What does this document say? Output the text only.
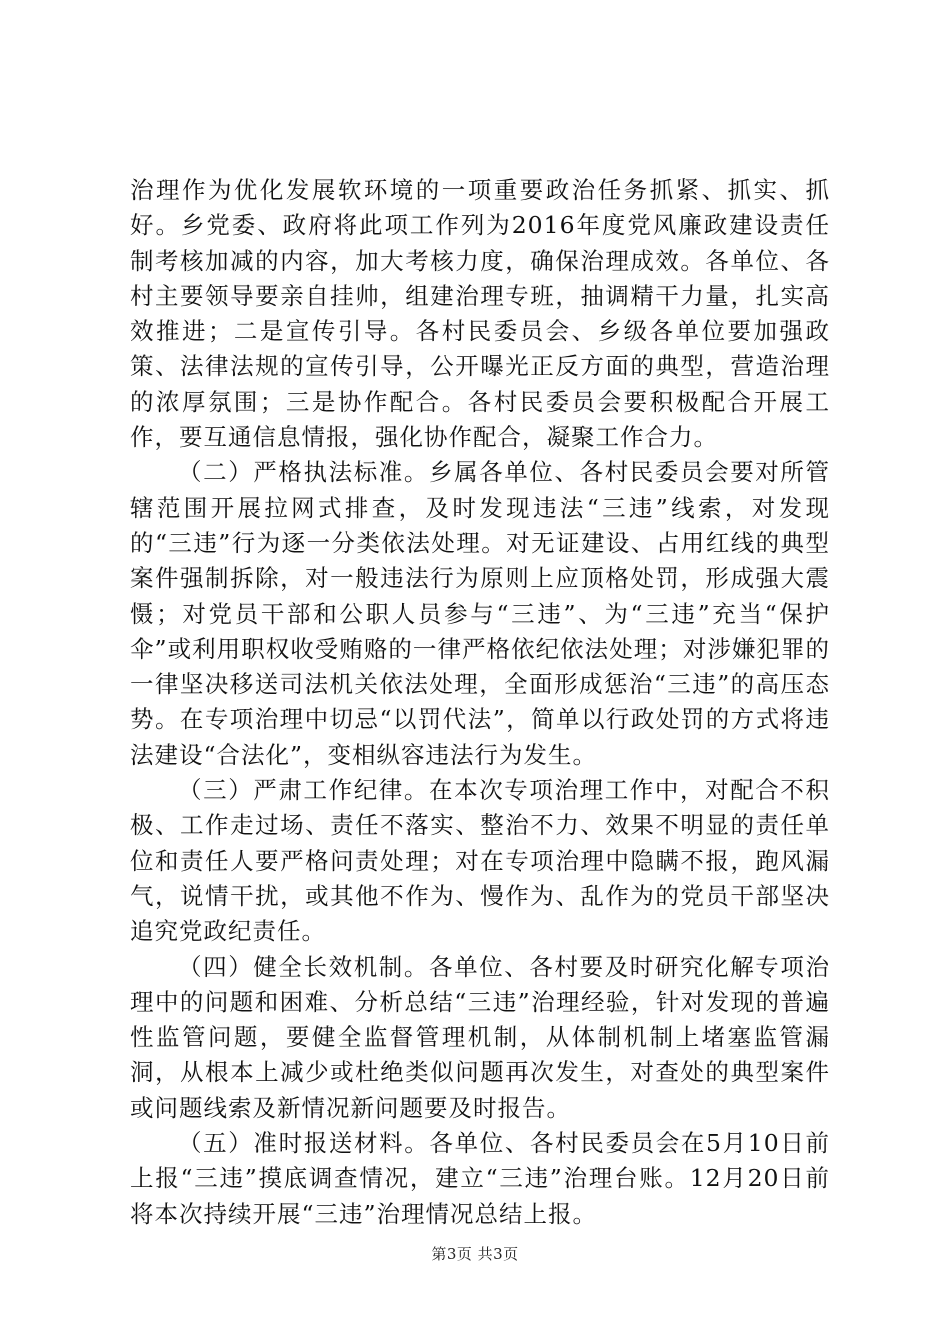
治理作为优化发展软环境的一项重要政治任务抓紧、抓实、抓好。乡党委、政府将此项工作列为2016年度党风廉政建设责任制考核加减的内容，加大考核力度，确保治理成效。各单位、各村主要领导要亲自挂帅，组建治理专班，抽调精干力量，扎实高效推进；二是宣传引导。各村民委员会、乡级各单位要加强政策、法律法规的宣传引导，公开曝光正反方面的典型，营造治理的浓厚氛围；三是协作配合。各村民委员会要积极配合开展工作，要互通信息情报，强化协作配合，凝聚工作合力。

（二）严格执法标准。乡属各单位、各村民委员会要对所管辖范围开展拉网式排查，及时发现违法“三违”线索，对发现的“三违”行为逐一分类依法处理。对无证建设、占用红线的典型案件强制拆除，对一般违法行为原则上应顶格处罚，形成强大震慑；对党员干部和公职人员参与“三违”、为“三违”充当“保护伞”或利用职权收受贿赂的一律严格依纪依法处理；对涉嫌犯罪的一律坚决移送司法机关依法处理，全面形成惩治“三违”的高压态势。在专项治理中切忌“以罚代法”，简单以行政处罚的方式将违法建设“合法化”，变相纵容违法行为发生。

（三）严肃工作纪律。在本次专项治理工作中，对配合不积极、工作走过场、责任不落实、整治不力、效果不明显的责任单位和责任人要严格问责处理；对在专项治理中隐瞒不报，跑风漏气，说情干扰，或其他不作为、慢作为、乱作为的党员干部坚决追究党政纪责任。

（四）健全长效机制。各单位、各村要及时研究化解专项治理中的问题和困难、分析总结“三违”治理经验，针对发现的普遍性监管问题，要健全监督管理机制，从体制机制上堵塞监管漏洞，从根本上减少或杜绝类似问题再次发生，对查处的典型案件或问题线索及新情况新问题要及时报告。

（五）准时报送材料。各单位、各村民委员会在5月10日前上报“三违”摸底调查情况，建立“三违”治理台账。12月20日前将本次持续开展“三违”治理情况总结上报。

第3页 共3页
